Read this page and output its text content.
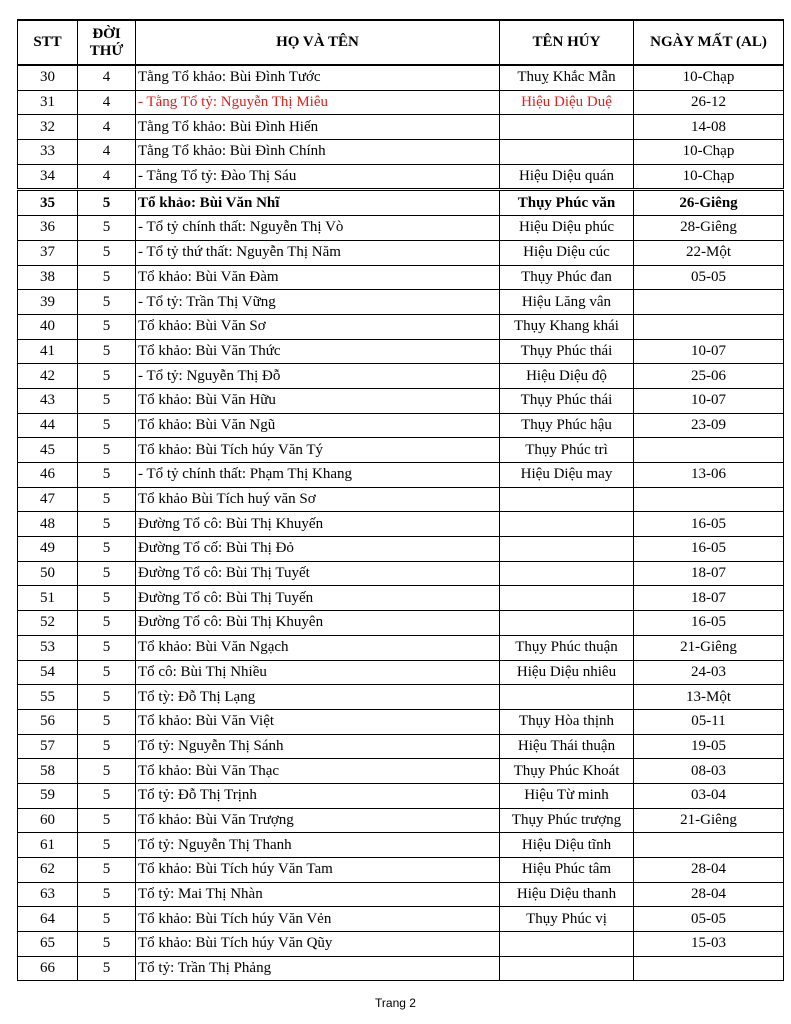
STT	ĐỜI THỨ	HỌ VÀ TÊN	TÊN HÚY	NGÀY MẤT (AL)
30	4	Tằng Tổ khảo: Bùi Đình Tước	Thuỵ Khắc Mẫn	10-Chạp
31	4	- Tằng Tổ tỷ: Nguyễn Thị Miêu	Hiệu Diệu Duệ	26-12
32	4	Tằng Tổ khảo: Bùi Đình Hiến		14-08
33	4	Tằng Tổ khảo: Bùi Đình Chính		10-Chạp
34	4	- Tằng Tổ tỷ: Đào Thị Sáu	Hiệu Diệu quán	10-Chạp
35	5	Tổ khảo: Bùi Văn Nhĩ	Thụy Phúc văn	26-Giêng
36	5	- Tổ tỷ chính thất: Nguyễn Thị Vò	Hiệu Diệu phúc	28-Giêng
37	5	- Tổ tỷ thứ thất: Nguyễn Thị Năm	Hiệu Diệu cúc	22-Một
38	5	Tổ khảo: Bùi Văn Đàm	Thụy Phúc đan	05-05
39	5	- Tổ tỷ: Trần Thị Vững	Hiệu Lăng vân	
40	5	Tổ khảo: Bùi Văn Sơ	Thụy Khang khái	
41	5	Tổ khảo: Bùi Văn Thức	Thụy Phúc thái	10-07
42	5	- Tổ tỷ: Nguyễn Thị Đỗ	Hiệu Diệu độ	25-06
43	5	Tổ khảo: Bùi Văn Hữu	Thụy Phúc thái	10-07
44	5	Tổ khảo: Bùi Văn Ngũ	Thụy Phúc hậu	23-09
45	5	Tổ khảo: Bùi Tích húy Văn Tý	Thụy Phúc trì	
46	5	- Tổ tỷ chính thất: Phạm Thị Khang	Hiệu Diệu may	13-06
47	5	Tổ khảo Bùi Tích huý văn Sơ		
48	5	Đường Tổ cô: Bùi Thị Khuyến		16-05
49	5	Đường Tổ cố: Bùi Thị Đỏ		16-05
50	5	Đường Tổ cô: Bùi Thị Tuyết		18-07
51	5	Đường Tổ cô: Bùi Thị Tuyến		18-07
52	5	Đường Tổ cô: Bùi Thị Khuyên		16-05
53	5	Tổ khảo: Bùi Văn Ngạch	Thụy Phúc thuận	21-Giêng
54	5	Tổ cô: Bùi Thị Nhiều	Hiệu Diệu nhiêu	24-03
55	5	Tổ tỳ: Đỗ Thị Lạng		13-Một
56	5	Tổ khảo: Bùi Văn Việt	Thụy Hòa thịnh	05-11
57	5	Tổ tỷ: Nguyễn Thị Sánh	Hiệu Thái thuận	19-05
58	5	Tổ khảo: Bùi Văn Thạc	Thụy Phúc Khoát	08-03
59	5	Tổ tỷ: Đỗ Thị Trịnh	Hiệu Từ minh	03-04
60	5	Tổ khảo: Bùi Văn Trượng	Thụy Phúc trượng	21-Giêng
61	5	Tổ tỷ: Nguyễn Thị Thanh	Hiệu Diệu tĩnh	
62	5	Tổ khảo: Bùi Tích húy Văn Tam	Hiệu Phúc tâm	28-04
63	5	Tổ tỷ: Mai Thị Nhàn	Hiệu Diệu thanh	28-04
64	5	Tổ khảo: Bùi Tích húy Văn Vẻn	Thụy Phúc vị	05-05
65	5	Tổ khảo: Bùi Tích húy Văn Qũy		15-03
66	5	Tổ tỷ: Trần Thị Phảng		
Trang 2
